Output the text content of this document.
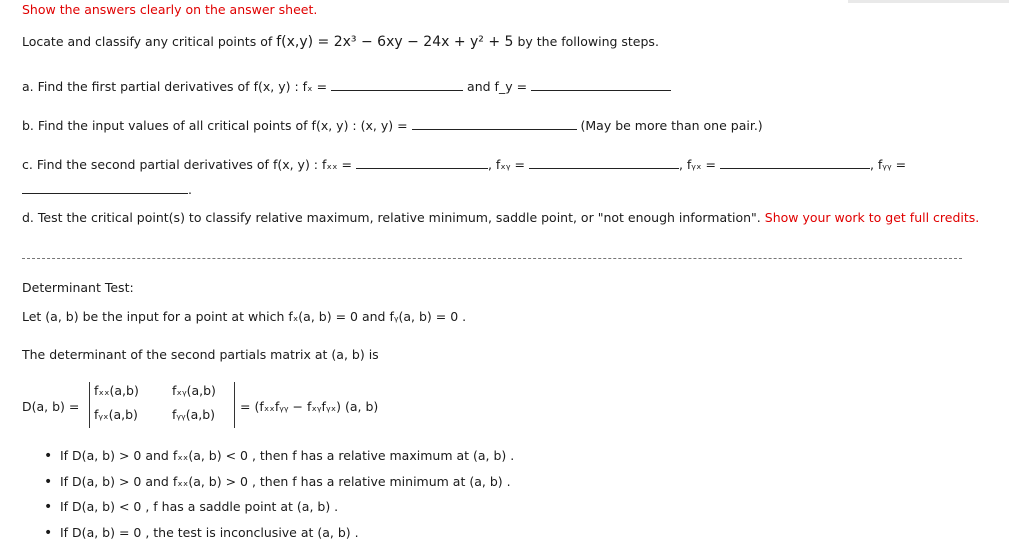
Show the answers clearly on the answer sheet.
Locate and classify any critical points of f(x,y) = 2x³ − 6xy − 24x + y² + 5 by the following steps.
a. Find the first partial derivatives of f(x, y) : fₓ =	and f_y =
b. Find the input values of all critical points of f(x, y) : (x, y) =	(May be more than one pair.)
c. Find the second partial derivatives of f(x, y) : fₓₓ =	, fₓᵧ =	, fᵧₓ =	, fᵧᵧ =
.
d. Test the critical point(s) to classify relative maximum, relative minimum, saddle point, or "not enough information". Show your work to get full credits.
Determinant Test:
Let (a, b) be the input for a point at which fₓ(a, b) = 0 and fᵧ(a, b) = 0 .
The determinant of the second partials matrix at (a, b) is
D(a, b) =
fₓₓ(a,b)	fₓᵧ(a,b)
fᵧₓ(a,b)	fᵧᵧ(a,b)
= (fₓₓfᵧᵧ − fₓᵧfᵧₓ) (a, b)
• If D(a, b) > 0 and fₓₓ(a, b) < 0 , then f has a relative maximum at (a, b) .
• If D(a, b) > 0 and fₓₓ(a, b) > 0 , then f has a relative minimum at (a, b) .
• If D(a, b) < 0 , f has a saddle point at (a, b) .
• If D(a, b) = 0 , the test is inconclusive at (a, b) .
